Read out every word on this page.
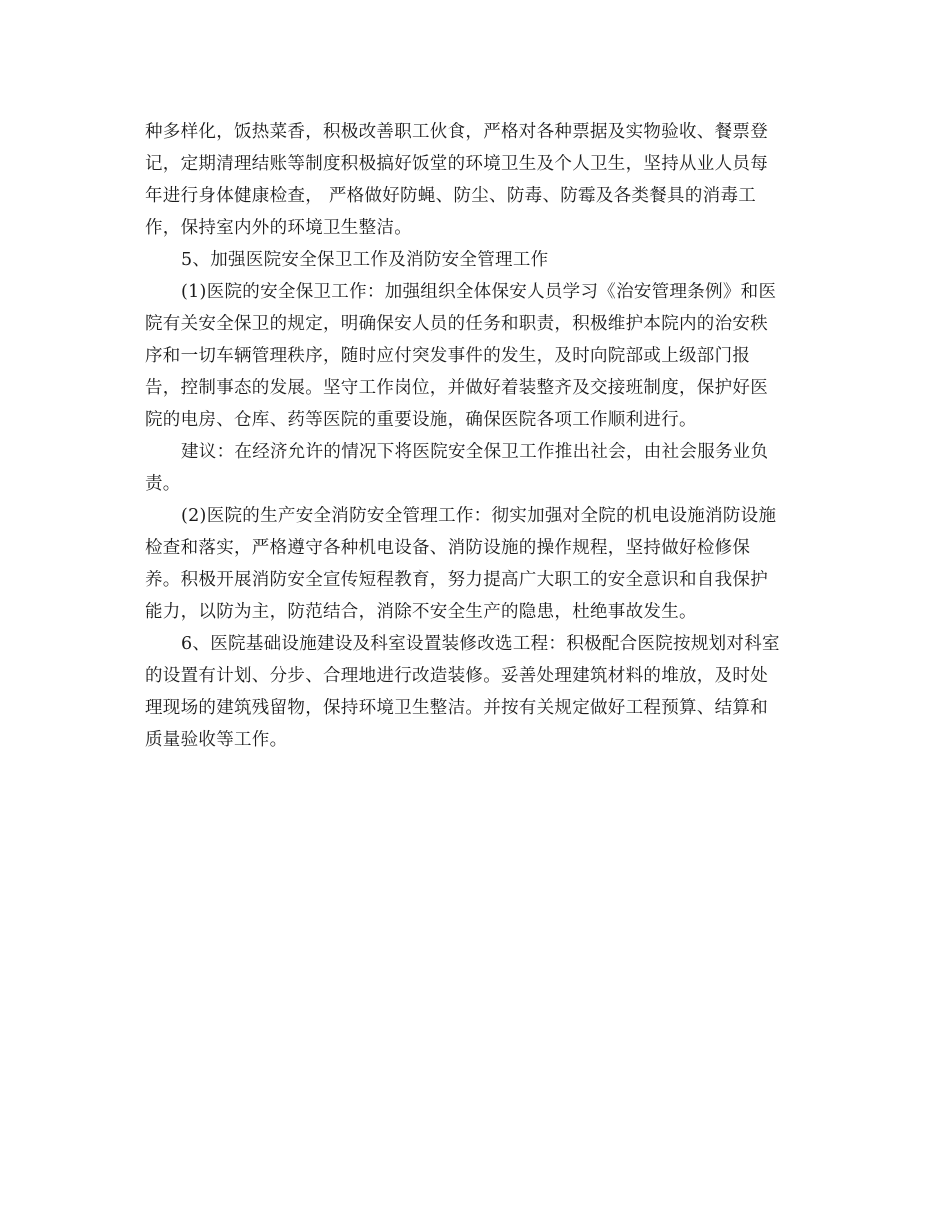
种多样化，饭热菜香，积极改善职工伙食，严格对各种票据及实物验收、餐票登
记，定期清理结账等制度积极搞好饭堂的环境卫生及个人卫生，坚持从业人员每
年进行身体健康检查， 严格做好防蝇、防尘、防毒、防霉及各类餐具的消毒工
作，保持室内外的环境卫生整洁。
5、加强医院安全保卫工作及消防安全管理工作
(1)医院的安全保卫工作：加强组织全体保安人员学习《治安管理条例》和医
院有关安全保卫的规定，明确保安人员的任务和职责，积极维护本院内的治安秩
序和一切车辆管理秩序，随时应付突发事件的发生，及时向院部或上级部门报
告，控制事态的发展。坚守工作岗位，并做好着装整齐及交接班制度，保护好医
院的电房、仓库、药等医院的重要设施，确保医院各项工作顺利进行。
建议：在经济允许的情况下将医院安全保卫工作推出社会，由社会服务业负
责。
(2)医院的生产安全消防安全管理工作：彻实加强对全院的机电设施消防设施
检查和落实，严格遵守各种机电设备、消防设施的操作规程，坚持做好检修保
养。积极开展消防安全宣传短程教育，努力提高广大职工的安全意识和自我保护
能力，以防为主，防范结合，消除不安全生产的隐患，杜绝事故发生。
6、医院基础设施建设及科室设置装修改选工程：积极配合医院按规划对科室
的设置有计划、分步、合理地进行改造装修。妥善处理建筑材料的堆放，及时处
理现场的建筑残留物，保持环境卫生整洁。并按有关规定做好工程预算、结算和
质量验收等工作。
